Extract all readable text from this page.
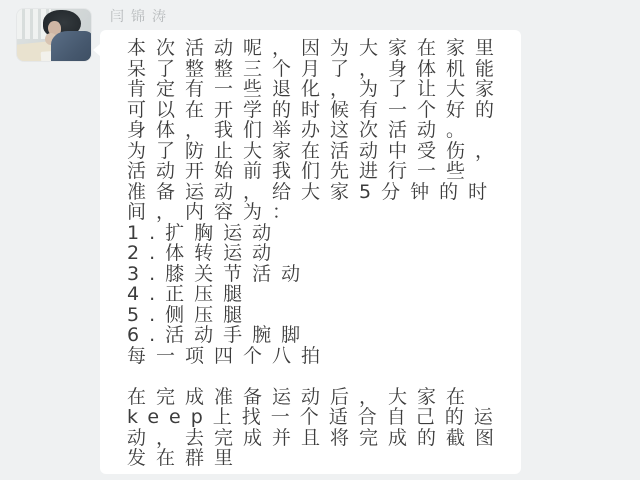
闫锦涛
本次活动呢，因为大家在家里
呆了整整三个月了，身体机能
肯定有一些退化，为了让大家
可以在开学的时候有一个好的
身体，我们举办这次活动。
为了防止大家在活动中受伤，
活动开始前我们先进行一些
准备运动，给大家5分钟的时
间，内容为：
1.扩胸运动
2.体转运动
3.膝关节活动
4.正压腿
5.侧压腿
6.活动手腕脚
每一项四个八拍
在完成准备运动后，大家在
keep上找一个适合自己的运
动，去完成并且将完成的截图
发在群里
